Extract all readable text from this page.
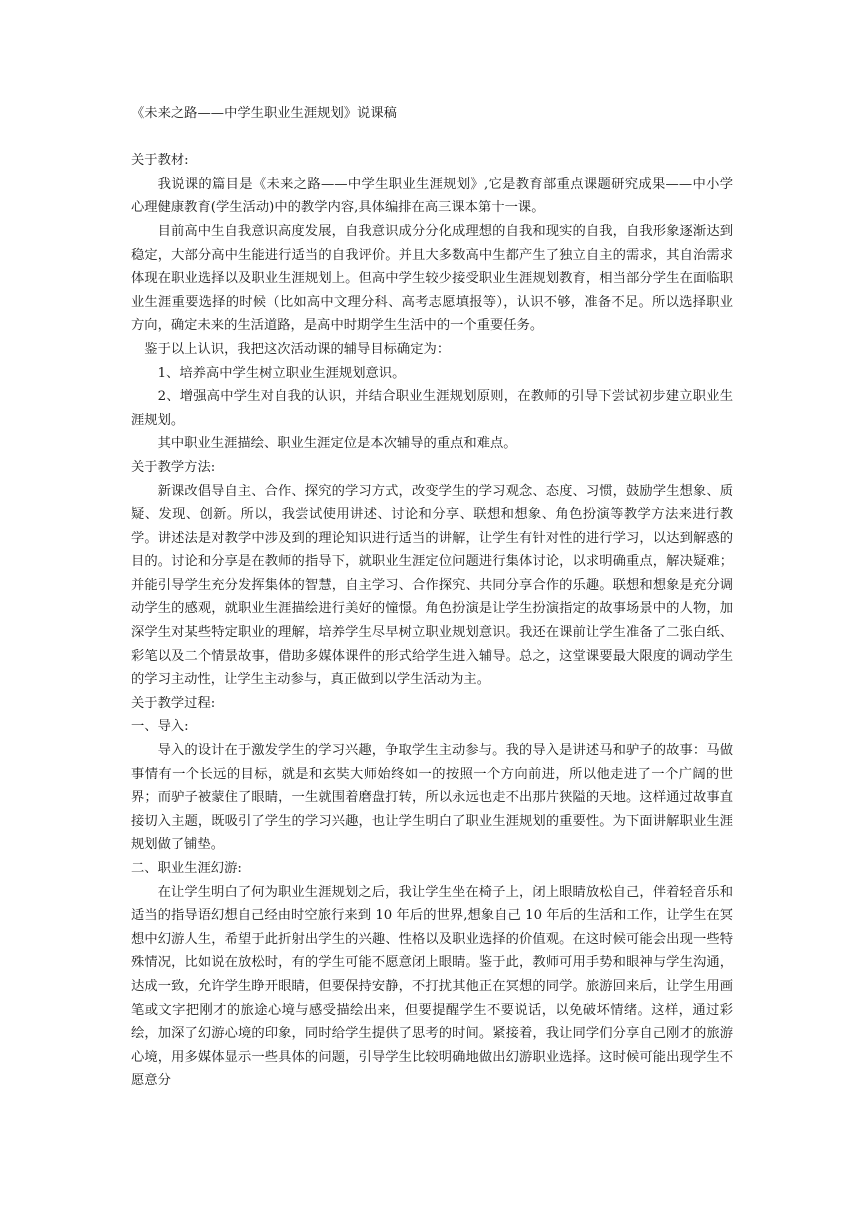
《未来之路——中学生职业生涯规划》说课稿

关于教材:

我说课的篇目是《未来之路——中学生职业生涯规划》,它是教育部重点课题研究成果——中小学心理健康教育(学生活动)中的教学内容,具体编排在高三课本第十一课。

目前高中生自我意识高度发展，自我意识成分分化成理想的自我和现实的自我，自我形象逐渐达到稳定，大部分高中生能进行适当的自我评价。并且大多数高中生都产生了独立自主的需求，其自治需求体现在职业选择以及职业生涯规划上。但高中学生较少接受职业生涯规划教育，相当部分学生在面临职业生涯重要选择的时候（比如高中文理分科、高考志愿填报等），认识不够，准备不足。所以选择职业方向，确定未来的生活道路，是高中时期学生生活中的一个重要任务。

鉴于以上认识，我把这次活动课的辅导目标确定为：

1、培养高中学生树立职业生涯规划意识。

2、增强高中学生对自我的认识，并结合职业生涯规划原则，在教师的引导下尝试初步建立职业生涯规划。

其中职业生涯描绘、职业生涯定位是本次辅导的重点和难点。

关于教学方法:

新课改倡导自主、合作、探究的学习方式，改变学生的学习观念、态度、习惯，鼓励学生想象、质疑、发现、创新。所以，我尝试使用讲述、讨论和分享、联想和想象、角色扮演等教学方法来进行教学。讲述法是对教学中涉及到的理论知识进行适当的讲解，让学生有针对性的进行学习，以达到解惑的目的。讨论和分享是在教师的指导下，就职业生涯定位问题进行集体讨论，以求明确重点，解决疑难；并能引导学生充分发挥集体的智慧，自主学习、合作探究、共同分享合作的乐趣。联想和想象是充分调动学生的感观，就职业生涯描绘进行美好的憧憬。角色扮演是让学生扮演指定的故事场景中的人物，加深学生对某些特定职业的理解，培养学生尽早树立职业规划意识。我还在课前让学生准备了二张白纸、彩笔以及二个情景故事，借助多媒体课件的形式给学生进入辅导。总之，这堂课要最大限度的调动学生的学习主动性，让学生主动参与，真正做到以学生活动为主。

关于教学过程:

一、导入:

导入的设计在于激发学生的学习兴趣，争取学生主动参与。我的导入是讲述马和驴子的故事：马做事情有一个长远的目标，就是和玄奘大师始终如一的按照一个方向前进，所以他走进了一个广阔的世界；而驴子被蒙住了眼睛，一生就围着磨盘打转，所以永远也走不出那片狭隘的天地。这样通过故事直接切入主题，既吸引了学生的学习兴趣，也让学生明白了职业生涯规划的重要性。为下面讲解职业生涯规划做了铺垫。

二、职业生涯幻游:

在让学生明白了何为职业生涯规划之后，我让学生坐在椅子上，闭上眼睛放松自己，伴着轻音乐和适当的指导语幻想自己经由时空旅行来到 10 年后的世界,想象自己 10 年后的生活和工作，让学生在冥想中幻游人生，希望于此折射出学生的兴趣、性格以及职业选择的价值观。在这时候可能会出现一些特殊情况，比如说在放松时，有的学生可能不愿意闭上眼睛。鉴于此，教师可用手势和眼神与学生沟通，达成一致，允许学生睁开眼睛，但要保持安静，不打扰其他正在冥想的同学。旅游回来后，让学生用画笔或文字把刚才的旅途心境与感受描绘出来，但要提醒学生不要说话，以免破坏情绪。这样，通过彩绘，加深了幻游心境的印象，同时给学生提供了思考的时间。紧接着，我让同学们分享自己刚才的旅游心境，用多媒体显示一些具体的问题，引导学生比较明确地做出幻游职业选择。这时候可能出现学生不愿意分
